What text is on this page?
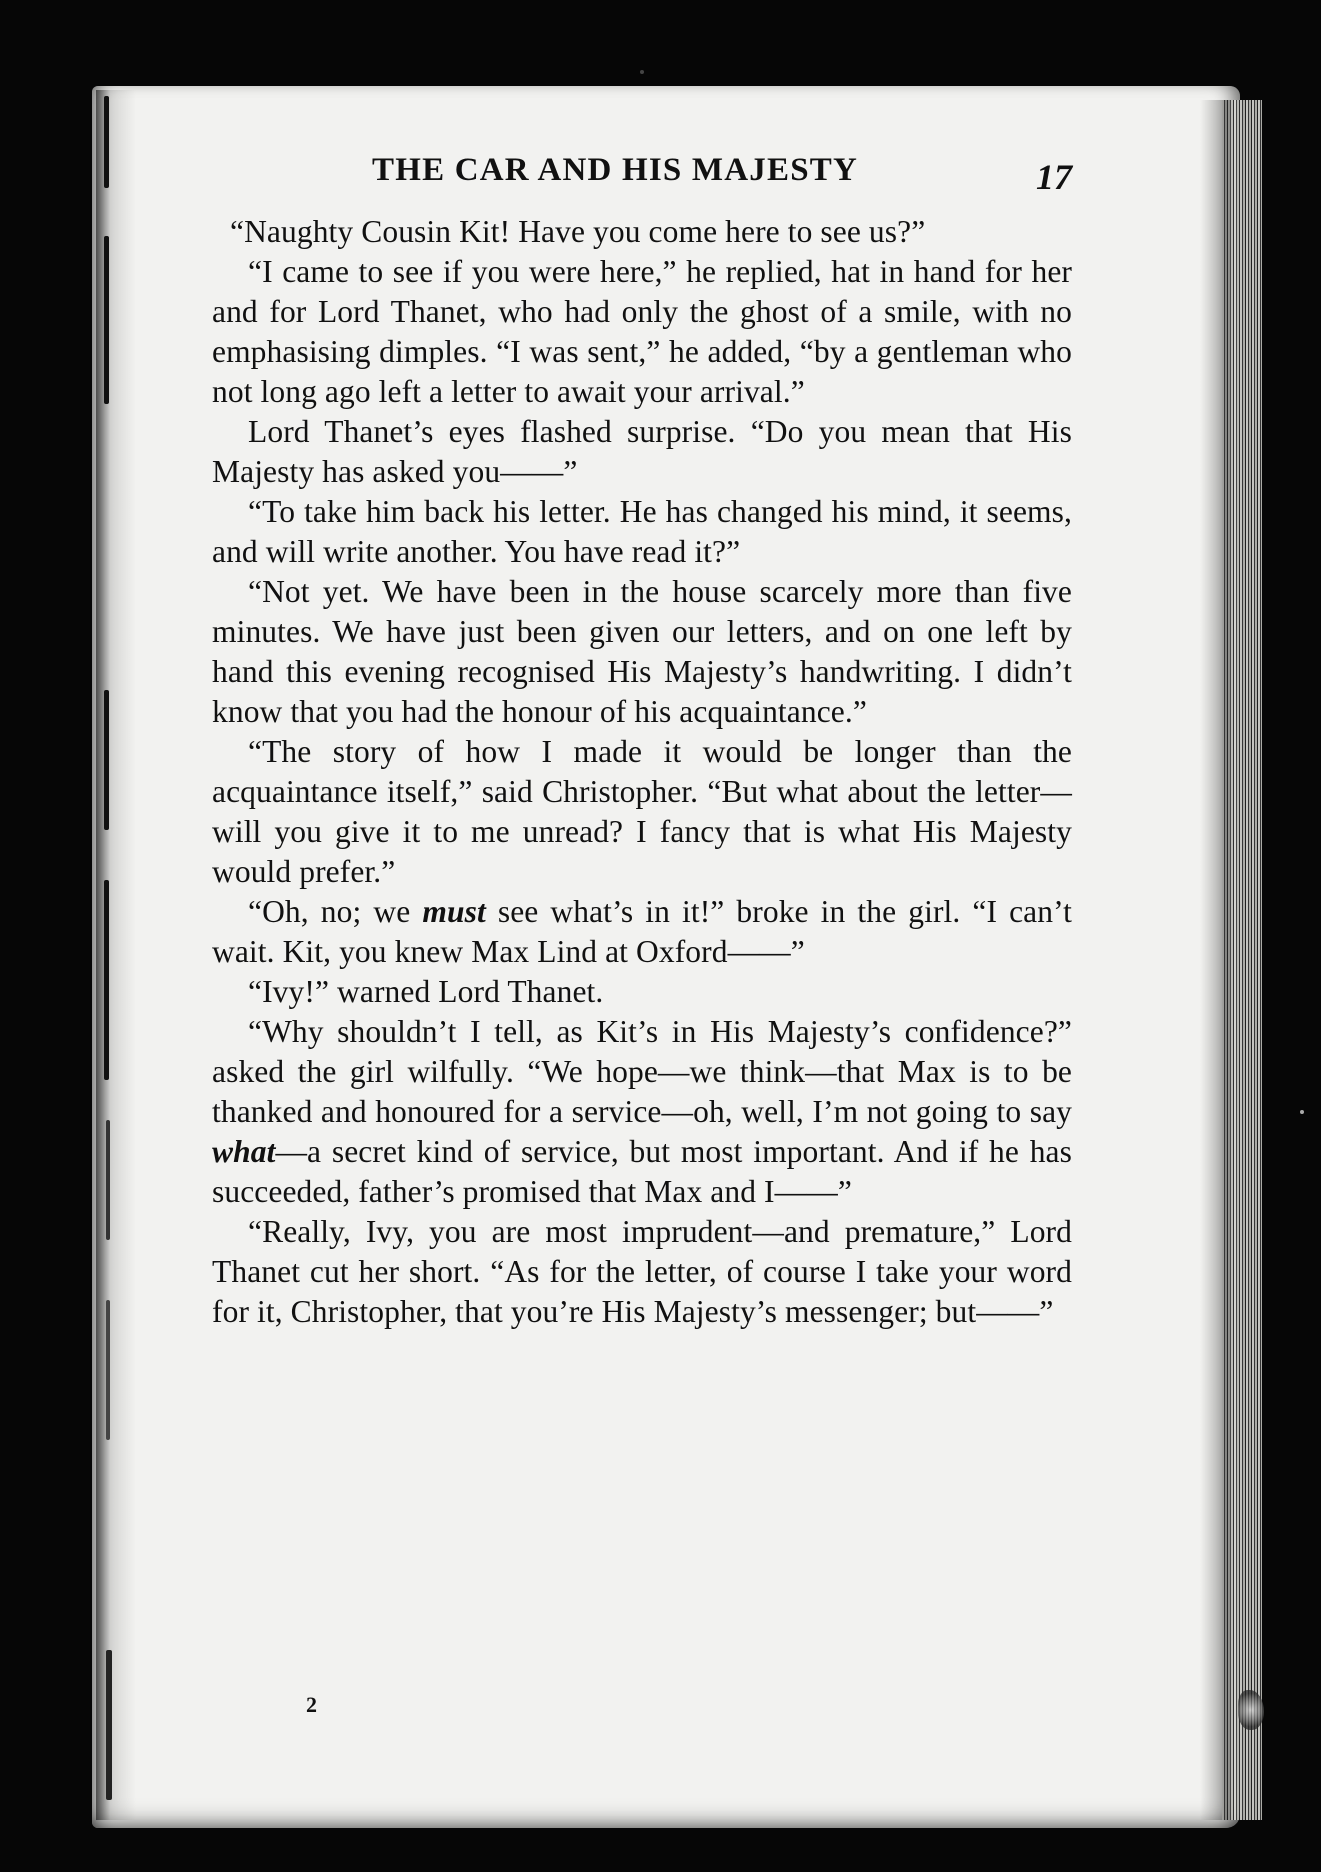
THE CAR AND HIS MAJESTY	17

“Naughty Cousin Kit! Have you come here to see us?”

“I came to see if you were here,” he replied, hat in hand for her and for Lord Thanet, who had only the ghost of a smile, with no emphasising dimples. “I was sent,” he added, “by a gentleman who not long ago left a letter to await your arrival.”

Lord Thanet’s eyes flashed surprise. “Do you mean that His Majesty has asked you——”

“To take him back his letter. He has changed his mind, it seems, and will write another. You have read it?”

“Not yet. We have been in the house scarcely more than five minutes. We have just been given our letters, and on one left by hand this evening recognised His Majesty’s handwriting. I didn’t know that you had the honour of his acquaintance.”

“The story of how I made it would be longer than the acquaintance itself,” said Christopher. “But what about the letter—will you give it to me unread? I fancy that is what His Majesty would prefer.”

“Oh, no; we must see what’s in it!” broke in the girl. “I can’t wait. Kit, you knew Max Lind at Oxford——”

“Ivy!” warned Lord Thanet.

“Why shouldn’t I tell, as Kit’s in His Majesty’s confidence?” asked the girl wilfully. “We hope—we think—that Max is to be thanked and honoured for a service—oh, well, I’m not going to say what—a secret kind of service, but most important. And if he has succeeded, father’s promised that Max and I——”

“Really, Ivy, you are most imprudent—and premature,” Lord Thanet cut her short. “As for the letter, of course I take your word for it, Christopher, that you’re His Majesty’s messenger; but——”

2
